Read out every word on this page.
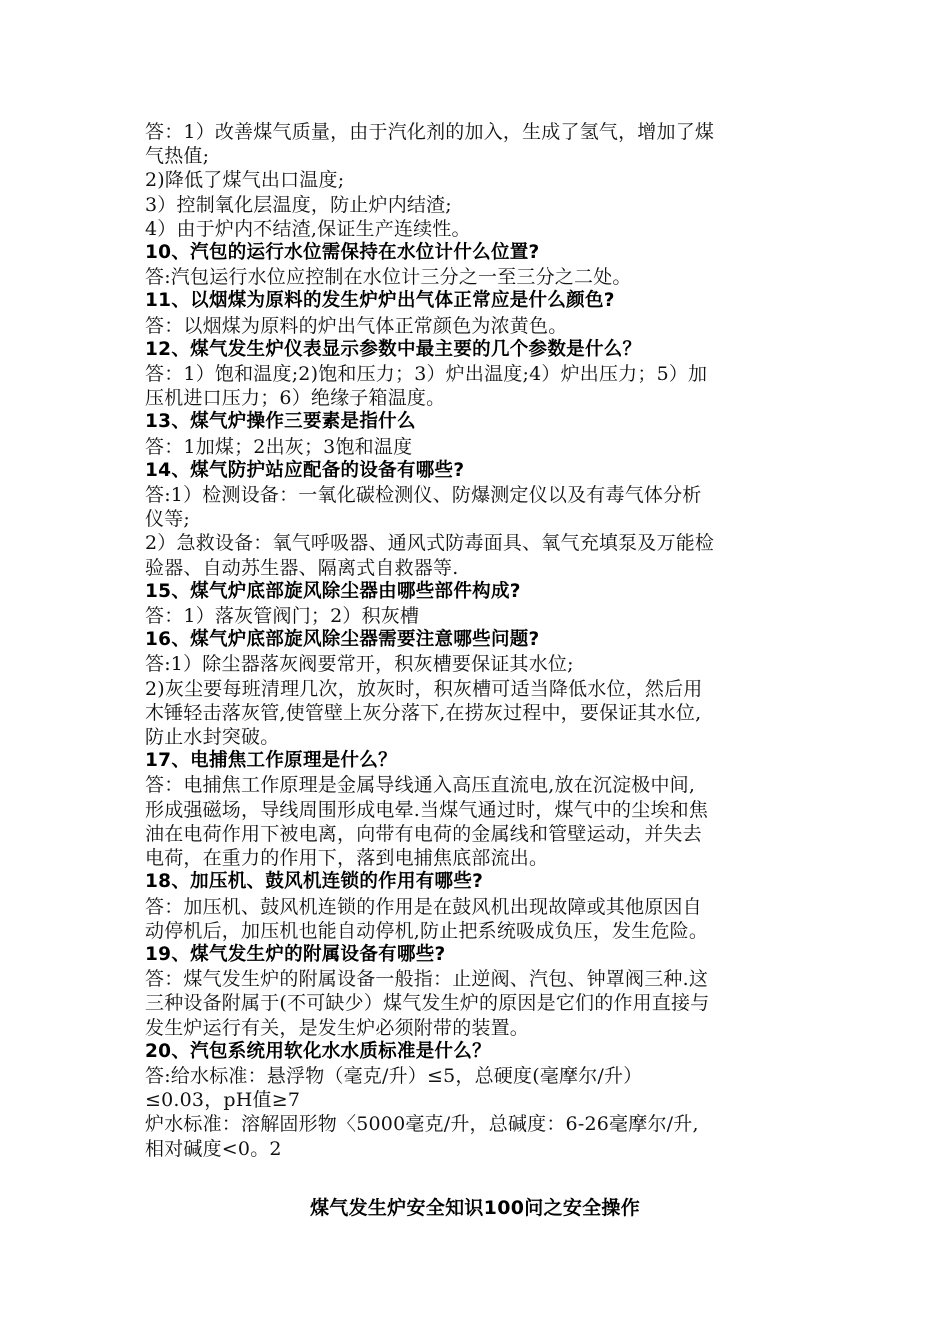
答：1）改善煤气质量，由于汽化剂的加入，生成了氢气，增加了煤
气热值;
2)降低了煤气出口温度;
3）控制氧化层温度，防止炉内结渣;
4）由于炉内不结渣,保证生产连续性。
10、汽包的运行水位需保持在水位计什么位置?
答:汽包运行水位应控制在水位计三分之一至三分之二处。
11、以烟煤为原料的发生炉炉出气体正常应是什么颜色?
答：以烟煤为原料的炉出气体正常颜色为浓黄色。
12、煤气发生炉仪表显示参数中最主要的几个参数是什么？
答：1）饱和温度;2)饱和压力；3）炉出温度;4）炉出压力；5）加
压机进口压力；6）绝缘子箱温度。
13、煤气炉操作三要素是指什么
答：1加煤；2出灰；3饱和温度
14、煤气防护站应配备的设备有哪些?
答:1）检测设备：一氧化碳检测仪、防爆测定仪以及有毒气体分析
仪等;
2）急救设备：氧气呼吸器、通风式防毒面具、氧气充填泵及万能检
验器、自动苏生器、隔离式自救器等.
15、煤气炉底部旋风除尘器由哪些部件构成?
答：1）落灰管阀门；2）积灰槽
16、煤气炉底部旋风除尘器需要注意哪些问题?
答:1）除尘器落灰阀要常开，积灰槽要保证其水位;
2)灰尘要每班清理几次，放灰时，积灰槽可适当降低水位，然后用
木锤轻击落灰管,使管壁上灰分落下,在捞灰过程中，要保证其水位,
防止水封突破。
17、电捕焦工作原理是什么？
答：电捕焦工作原理是金属导线通入高压直流电,放在沉淀极中间,
形成强磁场，导线周围形成电晕.当煤气通过时，煤气中的尘埃和焦
油在电荷作用下被电离，向带有电荷的金属线和管壁运动，并失去
电荷，在重力的作用下，落到电捕焦底部流出。
18、加压机、鼓风机连锁的作用有哪些?
答：加压机、鼓风机连锁的作用是在鼓风机出现故障或其他原因自
动停机后，加压机也能自动停机,防止把系统吸成负压，发生危险。
19、煤气发生炉的附属设备有哪些?
答：煤气发生炉的附属设备一般指：止逆阀、汽包、钟罩阀三种.这
三种设备附属于(不可缺少）煤气发生炉的原因是它们的作用直接与
发生炉运行有关，是发生炉必须附带的装置。
20、汽包系统用软化水水质标准是什么？
答:给水标准：悬浮物（毫克/升）≤5，总硬度(毫摩尔/升）
≤0.03，pH值≥7
炉水标准：溶解固形物〈5000毫克/升，总碱度：6-26毫摩尔/升,
相对碱度<0。2
煤气发生炉安全知识100问之安全操作
